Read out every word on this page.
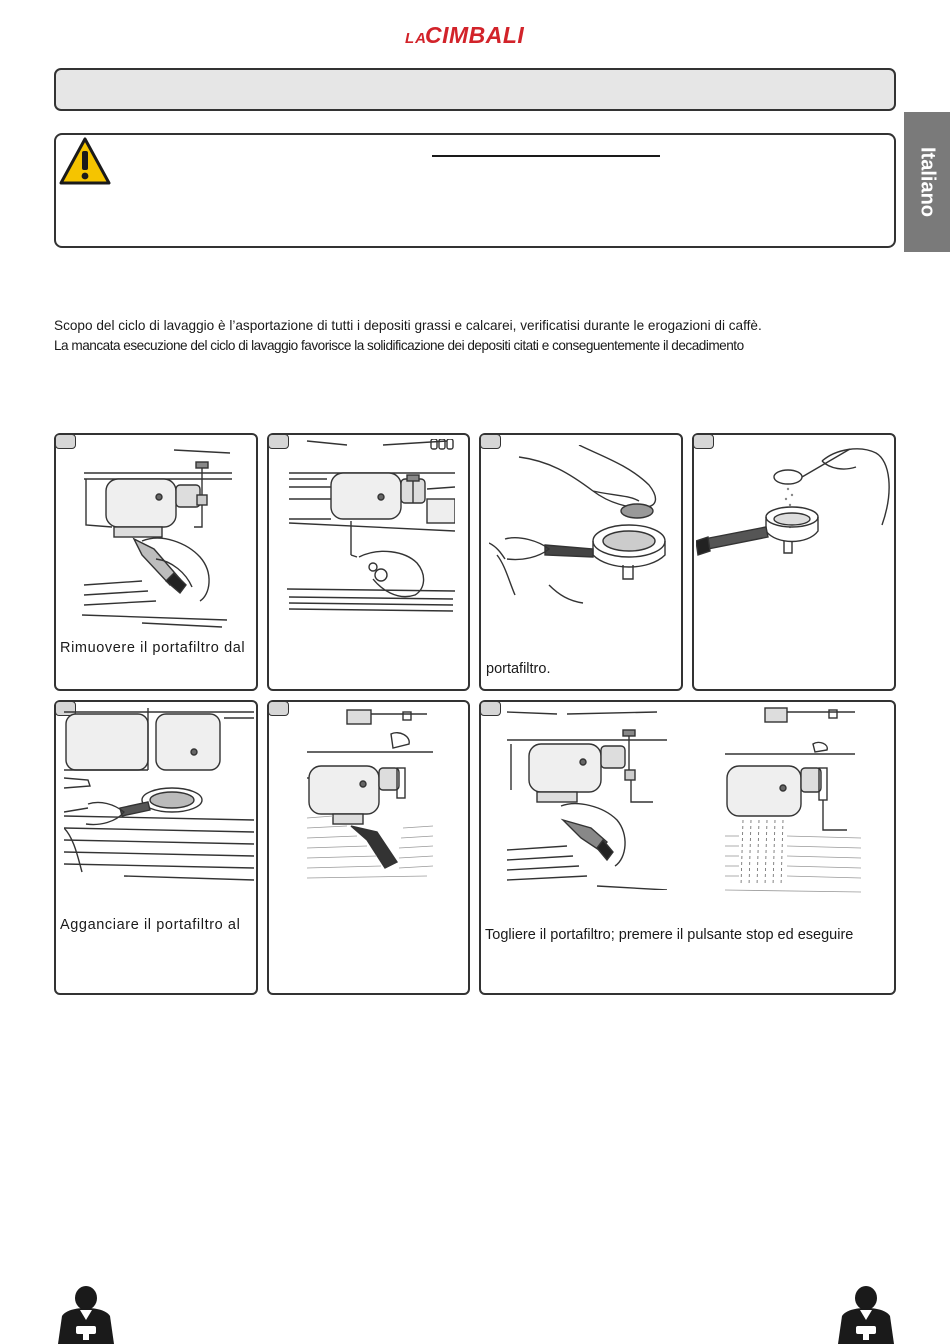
LA
CIMBALI
Italiano

Scopo del ciclo di lavaggio è l’asportazione di tutti i depositi grassi e calcarei, verificatisi durante le erogazioni di caffè.

La mancata esecuzione del ciclo di lavaggio favorisce la solidificazione dei depositi citati e conseguentemente il decadimento

Rimuovere il portafiltro dal
portafiltro.
Agganciare il portafiltro al
Togliere il portafiltro; premere il pulsante stop ed eseguire
